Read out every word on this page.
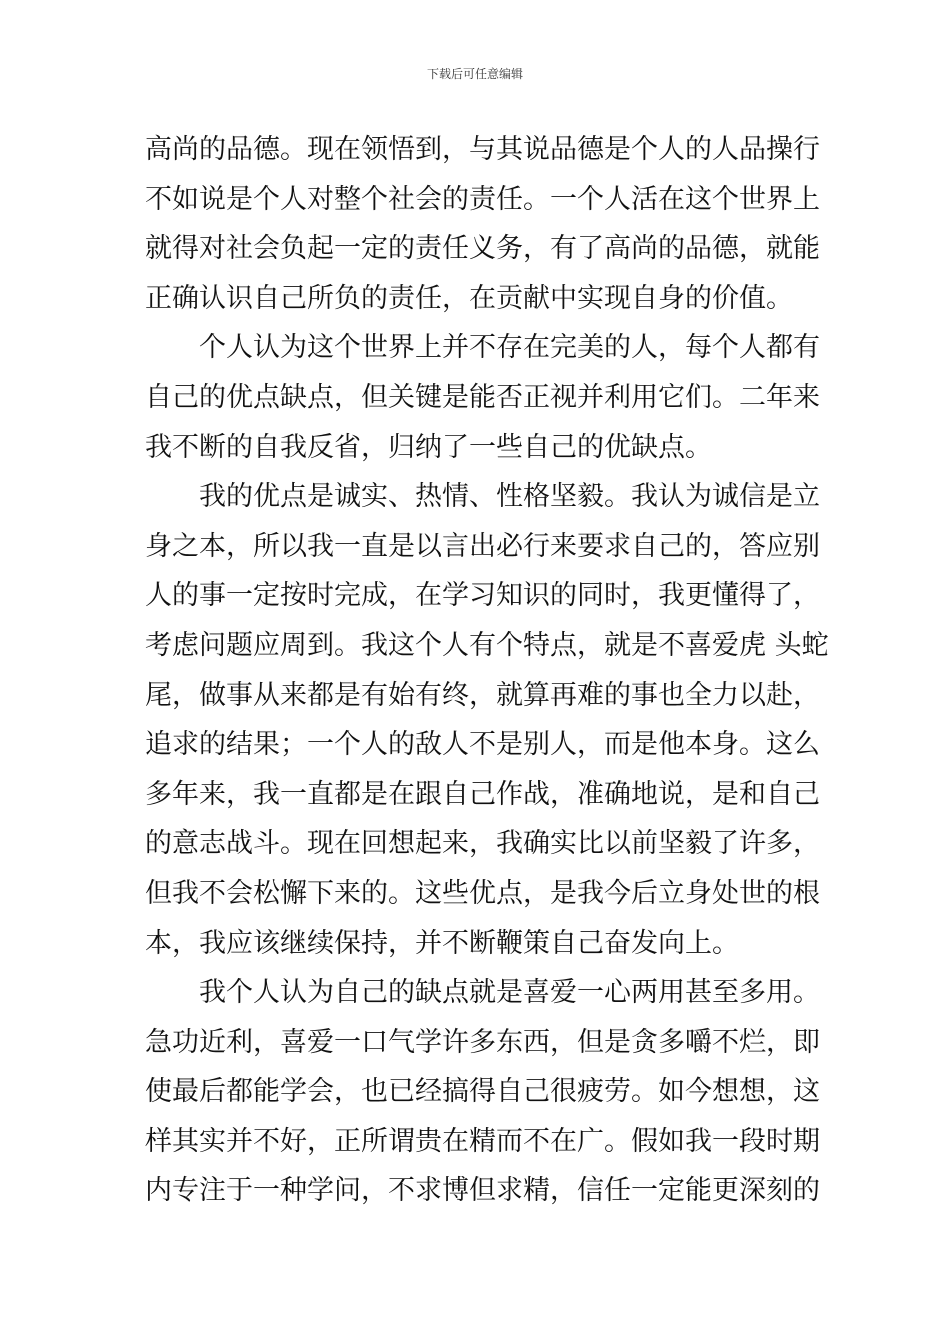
下载后可任意编辑
高尚的品德。现在领悟到，与其说品德是个人的人品操行
不如说是个人对整个社会的责任。一个人活在这个世界上
就得对社会负起一定的责任义务，有了高尚的品德，就能
正确认识自己所负的责任，在贡献中实现自身的价值。
个人认为这个世界上并不存在完美的人，每个人都有
自己的优点缺点，但关键是能否正视并利用它们。二年来
我不断的自我反省，归纳了一些自己的优缺点。
我的优点是诚实、热情、性格坚毅。我认为诚信是立
身之本，所以我一直是以言出必行来要求自己的，答应别
人的事一定按时完成，在学习知识的同时，我更懂得了，
考虑问题应周到。我这个人有个特点，就是不喜爱虎 头蛇
尾，做事从来都是有始有终，就算再难的事也全力以赴，
追求的结果；一个人的敌人不是别人，而是他本身。这么
多年来，我一直都是在跟自己作战，准确地说，是和自己
的意志战斗。现在回想起来，我确实比以前坚毅了许多，
但我不会松懈下来的。这些优点，是我今后立身处世的根
本，我应该继续保持，并不断鞭策自己奋发向上。
我个人认为自己的缺点就是喜爱一心两用甚至多用。
急功近利，喜爱一口气学许多东西，但是贪多嚼不烂，即
使最后都能学会，也已经搞得自己很疲劳。如今想想，这
样其实并不好，正所谓贵在精而不在广。假如我一段时期
内专注于一种学问，不求博但求精，信任一定能更深刻的
